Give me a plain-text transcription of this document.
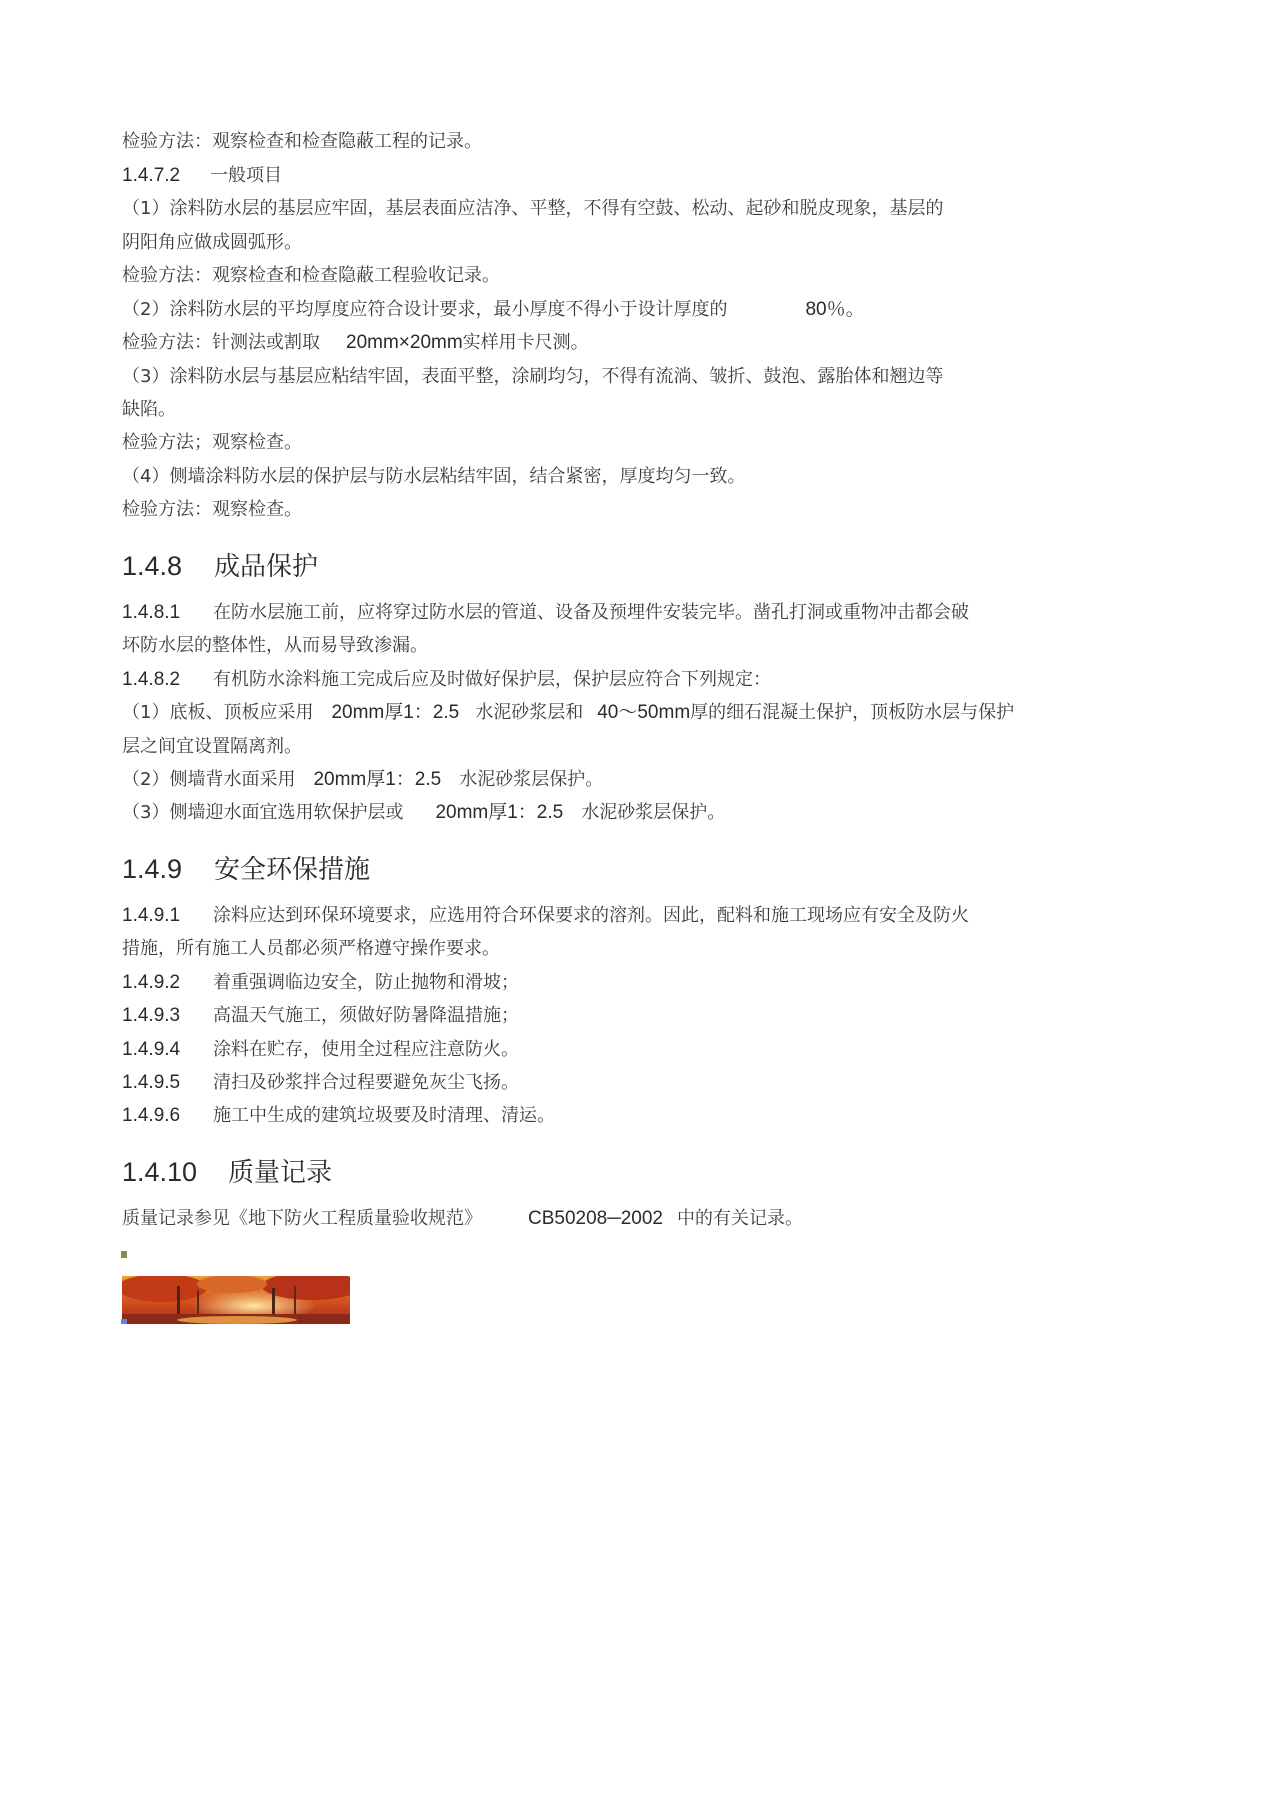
检验方法：观察检查和检查隐蔽工程的记录。
1.4.7.2 一般项目
（1）涂料防水层的基层应牢固，基层表面应洁净、平整，不得有空鼓、松动、起砂和脱皮现象，基层的
阴阳角应做成圆弧形。
检验方法：观察检查和检查隐蔽工程验收记录。
（2）涂料防水层的平均厚度应符合设计要求，最小厚度不得小于设计厚度的	80％。
检验方法：针测法或割取 20mm×20mm实样用卡尺测。
（3）涂料防水层与基层应粘结牢固，表面平整，涂刷均匀，不得有流淌、皱折、鼓泡、露胎体和翘边等
缺陷。
检验方法；观察检查。
（4）侧墙涂料防水层的保护层与防水层粘结牢固，结合紧密，厚度均匀一致。
检验方法：观察检查。
1.4.8 成品保护
1.4.8.1 在防水层施工前，应将穿过防水层的管道、设备及预埋件安装完毕。凿孔打洞或重物冲击都会破
坏防水层的整体性，从而易导致渗漏。
1.4.8.2 有机防水涂料施工完成后应及时做好保护层，保护层应符合下列规定：
（1）底板、顶板应采用 20mm厚1：2.5 水泥砂浆层和 40～50mm厚的细石混凝土保护，顶板防水层与保护
层之间宜设置隔离剂。
（2）侧墙背水面采用 20mm厚1：2.5 水泥砂浆层保护。
（3）侧墙迎水面宜选用软保护层或 20mm厚1：2.5 水泥砂浆层保护。
1.4.9 安全环保措施
1.4.9.1 涂料应达到环保环境要求，应选用符合环保要求的溶剂。因此，配料和施工现场应有安全及防火
措施，所有施工人员都必须严格遵守操作要求。
1.4.9.2 着重强调临边安全，防止抛物和滑坡；
1.4.9.3 高温天气施工，须做好防暑降温措施；
1.4.9.4 涂料在贮存，使用全过程应注意防火。
1.4.9.5 清扫及砂浆拌合过程要避免灰尘飞扬。
1.4.9.6 施工中生成的建筑垃圾要及时清理、清运。
1.4.10 质量记录
质量记录参见《地下防火工程质量验收规范》 CB50208─2002 中的有关记录。
